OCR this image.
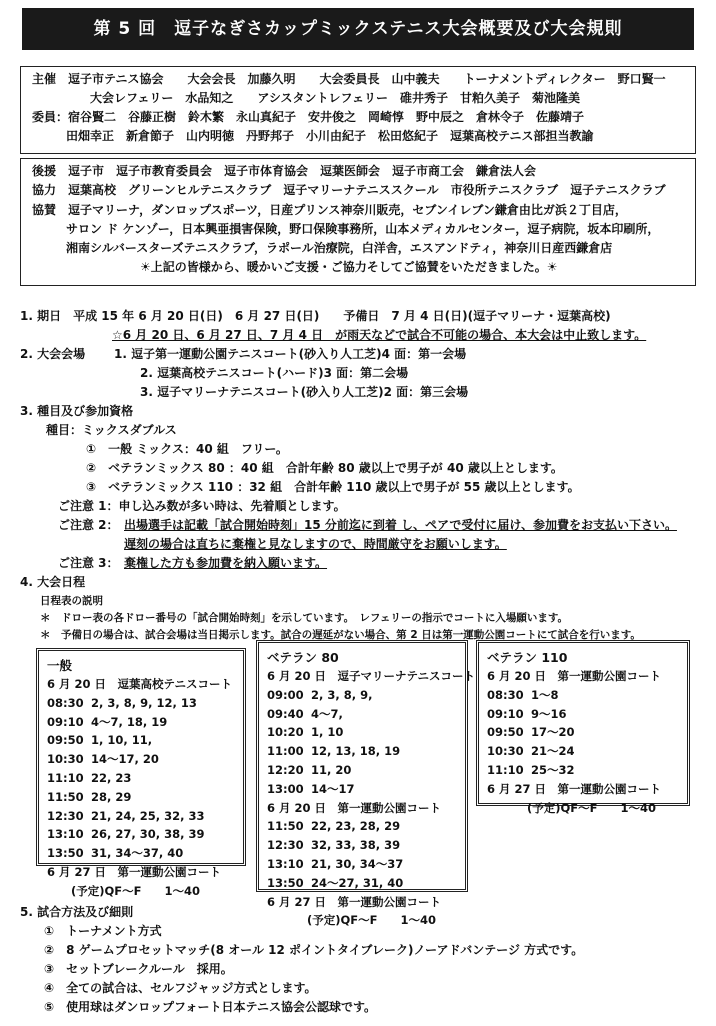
第 5 回　逗子なぎさカップミックステニス大会概要及び大会規則
主催　逗子市テニス協会　　大会会長　加藤久明　　大会委員長　山中義夫　　トーナメントディレクター　野口賢一
大会レフェリー　水品知之　　アシスタントレフェリー　碓井秀子　甘粕久美子　菊池隆美
委員：宿谷賢二　谷藤正樹　鈴木繁　永山真紀子　安井俊之　岡崎惇　野中辰之　倉林令子　佐藤靖子
田畑幸正　新倉節子　山内明徳　丹野邦子　小川由紀子　松田悠紀子　逗葉高校テニス部担当教諭
後援　逗子市　逗子市教育委員会　逗子市体育協会　逗葉医師会　逗子市商工会　鎌倉法人会
協力　逗葉高校　グリーンヒルテニスクラブ　逗子マリーナテニススクール　市役所テニスクラブ　逗子テニスクラブ
協賛　逗子マリーナ，ダンロップスポーツ，日産プリンス神奈川販売，セブンイレブン鎌倉由比ガ浜２丁目店，
サロン ド ケンゾー，日本興亜損害保険，野口保険事務所，山本メディカルセンター，逗子病院，坂本印刷所，
湘南シルバースターズテニスクラブ，ラポール治療院，白洋舎，エスアンドティ，神奈川日産西鎌倉店
☀上記の皆様から、暖かいご支援・ご協力そしてご協賛をいただきました。☀
1. 期日　平成 15 年 6 月 20 日(日)　6 月 27 日(日)　　予備日　7 月 4 日(日)(逗子マリーナ・逗葉高校)
☆6 月 20 日、6 月 27 日、7 月 4 日　が雨天などで試合不可能の場合、本大会は中止致します。
2. 大会会場 1. 逗子第一運動公園テニスコート(砂入り人工芝)4 面：第一会場
2. 逗葉高校テニスコート(ハード)3 面：第二会場
3. 逗子マリーナテニスコート(砂入り人工芝)2 面：第三会場
3. 種目及び参加資格
種目：ミックスダブルス
①　一般 ミックス：40 組　フリー。
②　ベテランミックス 80 ：40 組　合計年齢 80 歳以上で男子が 40 歳以上とします。
③　ベテランミックス 110 ：32 組　合計年齢 110 歳以上で男子が 55 歳以上とします。
ご注意 1：申し込み数が多い時は、先着順とします。
ご注意 2： 出場選手は記載「試合開始時刻」15 分前迄に到着 し、ペアで受付に届け、参加費をお支払い下さい。
遅刻の場合は直ちに棄権と見なしますので、時間厳守をお願いします。
ご注意 3： 棄権した方も参加費を納入願います。
4. 大会日程
日程表の説明
＊　ドロー表の各ドロー番号の「試合開始時刻」を示しています。　レフェリーの指示でコートに入場願います。
＊　予備日の場合は、試合会場は当日掲示します。試合の遅延がない場合、第 2 日は第一運動公園コートにて試合を行います。
一般
6 月 20 日　逗葉高校テニスコート
08:30 2, 3, 8, 9, 12, 13
09:10 4〜7, 18, 19
09:50 1, 10, 11,
10:30 14〜17, 20
11:10 22, 23
11:50 28, 29
12:30 21, 24, 25, 32, 33
13:10 26, 27, 30, 38, 39
13:50 31, 34〜37, 40
6 月 27 日　第一運動公園コート
(予定)QF〜F　　1〜40
ベテラン 80
6 月 20 日　逗子マリーナテニスコート
09:00 2, 3, 8, 9,
09:40 4〜7,
10:20 1, 10
11:00 12, 13, 18, 19
12:20 11, 20
13:00 14〜17
6 月 20 日　第一運動公園コート
11:50 22, 23, 28, 29
12:30 32, 33, 38, 39
13:10 21, 30, 34〜37
13:50 24〜27, 31, 40
6 月 27 日　第一運動公園コート
(予定)QF〜F　　1〜40
ベテラン 110
6 月 20 日　第一運動公園コート
08:30 1〜8
09:10 9〜16
09:50 17〜20
10:30 21〜24
11:10 25〜32
6 月 27 日　第一運動公園コート
(予定)QF〜F　　1〜40
5. 試合方法及び細則
①　トーナメント方式
②　8 ゲームプロセットマッチ(8 オール 12 ポイントタイブレーク)ノーアドバンテージ 方式です。
③　セットブレークルール　採用。
④　全ての試合は、セルフジャッジ方式とします。
⑤　使用球はダンロップフォート日本テニス協会公認球です。
